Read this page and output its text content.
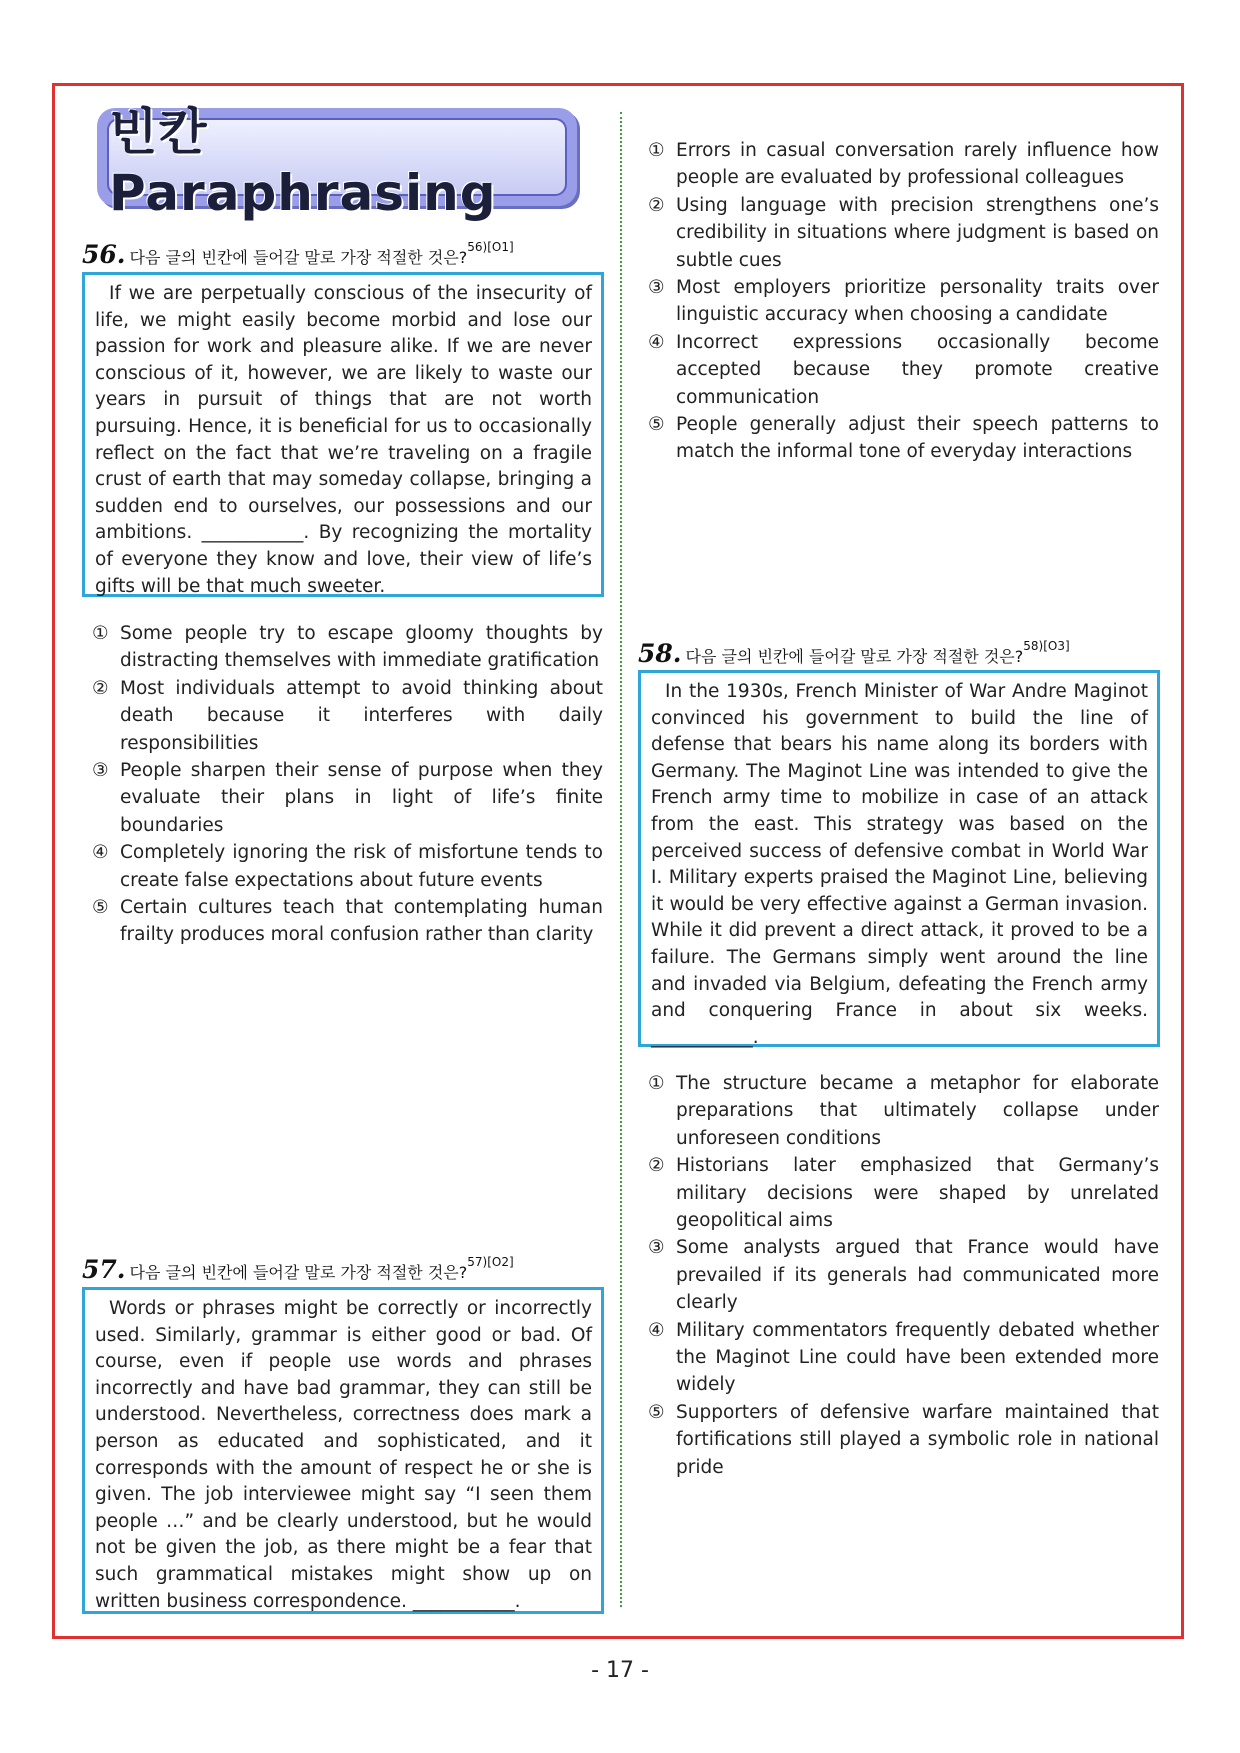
빈칸 Paraphrasing
56. 다음 글의 빈칸에 들어갈 말로 가장 적절한 것은?$^{56)[O1]}$

If we are perpetually conscious of the insecurity of life, we might easily become morbid and lose our passion for work and pleasure alike. If we are never conscious of it, however, we are likely to waste our years in pursuit of things that are not worth pursuing. Hence, it is beneficial for us to occasionally reflect on the fact that we’re traveling on a fragile crust of earth that may someday collapse, bringing a sudden end to ourselves, our possessions and our ambitions. ___________. By recognizing the mortality of everyone they know and love, their view of life’s gifts will be that much sweeter.

① Some people try to escape gloomy thoughts by distracting themselves with immediate gratification
② Most individuals attempt to avoid thinking about death because it interferes with daily responsibilities
③ People sharpen their sense of purpose when they evaluate their plans in light of life’s finite boundaries
④ Completely ignoring the risk of misfortune tends to create false expectations about future events
⑤ Certain cultures teach that contemplating human frailty produces moral confusion rather than clarity
57. 다음 글의 빈칸에 들어갈 말로 가장 적절한 것은?$^{57)[O2]}$

Words or phrases might be correctly or incorrectly used. Similarly, grammar is either good or bad. Of course, even if people use words and phrases incorrectly and have bad grammar, they can still be understood. Nevertheless, correctness does mark a person as educated and sophisticated, and it corresponds with the amount of respect he or she is given. The job interviewee might say “I seen them people …” and be clearly understood, but he would not be given the job, as there might be a fear that such grammatical mistakes might show up on written business correspondence. ___________.

① Errors in casual conversation rarely influence how people are evaluated by professional colleagues
② Using language with precision strengthens one’s credibility in situations where judgment is based on subtle cues
③ Most employers prioritize personality traits over linguistic accuracy when choosing a candidate
④ Incorrect expressions occasionally become accepted because they promote creative communication
⑤ People generally adjust their speech patterns to match the informal tone of everyday interactions
58. 다음 글의 빈칸에 들어갈 말로 가장 적절한 것은?$^{58)[O3]}$

In the 1930s, French Minister of War Andre Maginot convinced his government to build the line of defense that bears his name along its borders with Germany. The Maginot Line was intended to give the French army time to mobilize in case of an attack from the east. This strategy was based on the perceived success of defensive combat in World War I. Military experts praised the Maginot Line, believing it would be very effective against a German invasion. While it did prevent a direct attack, it proved to be a failure. The Germans simply went around the line and invaded via Belgium, defeating the French army and conquering France in about six weeks. ___________.

① The structure became a metaphor for elaborate preparations that ultimately collapse under unforeseen conditions
② Historians later emphasized that Germany’s military decisions were shaped by unrelated geopolitical aims
③ Some analysts argued that France would have prevailed if its generals had communicated more clearly
④ Military commentators frequently debated whether the Maginot Line could have been extended more widely
⑤ Supporters of defensive warfare maintained that fortifications still played a symbolic role in national pride
- 17 -
